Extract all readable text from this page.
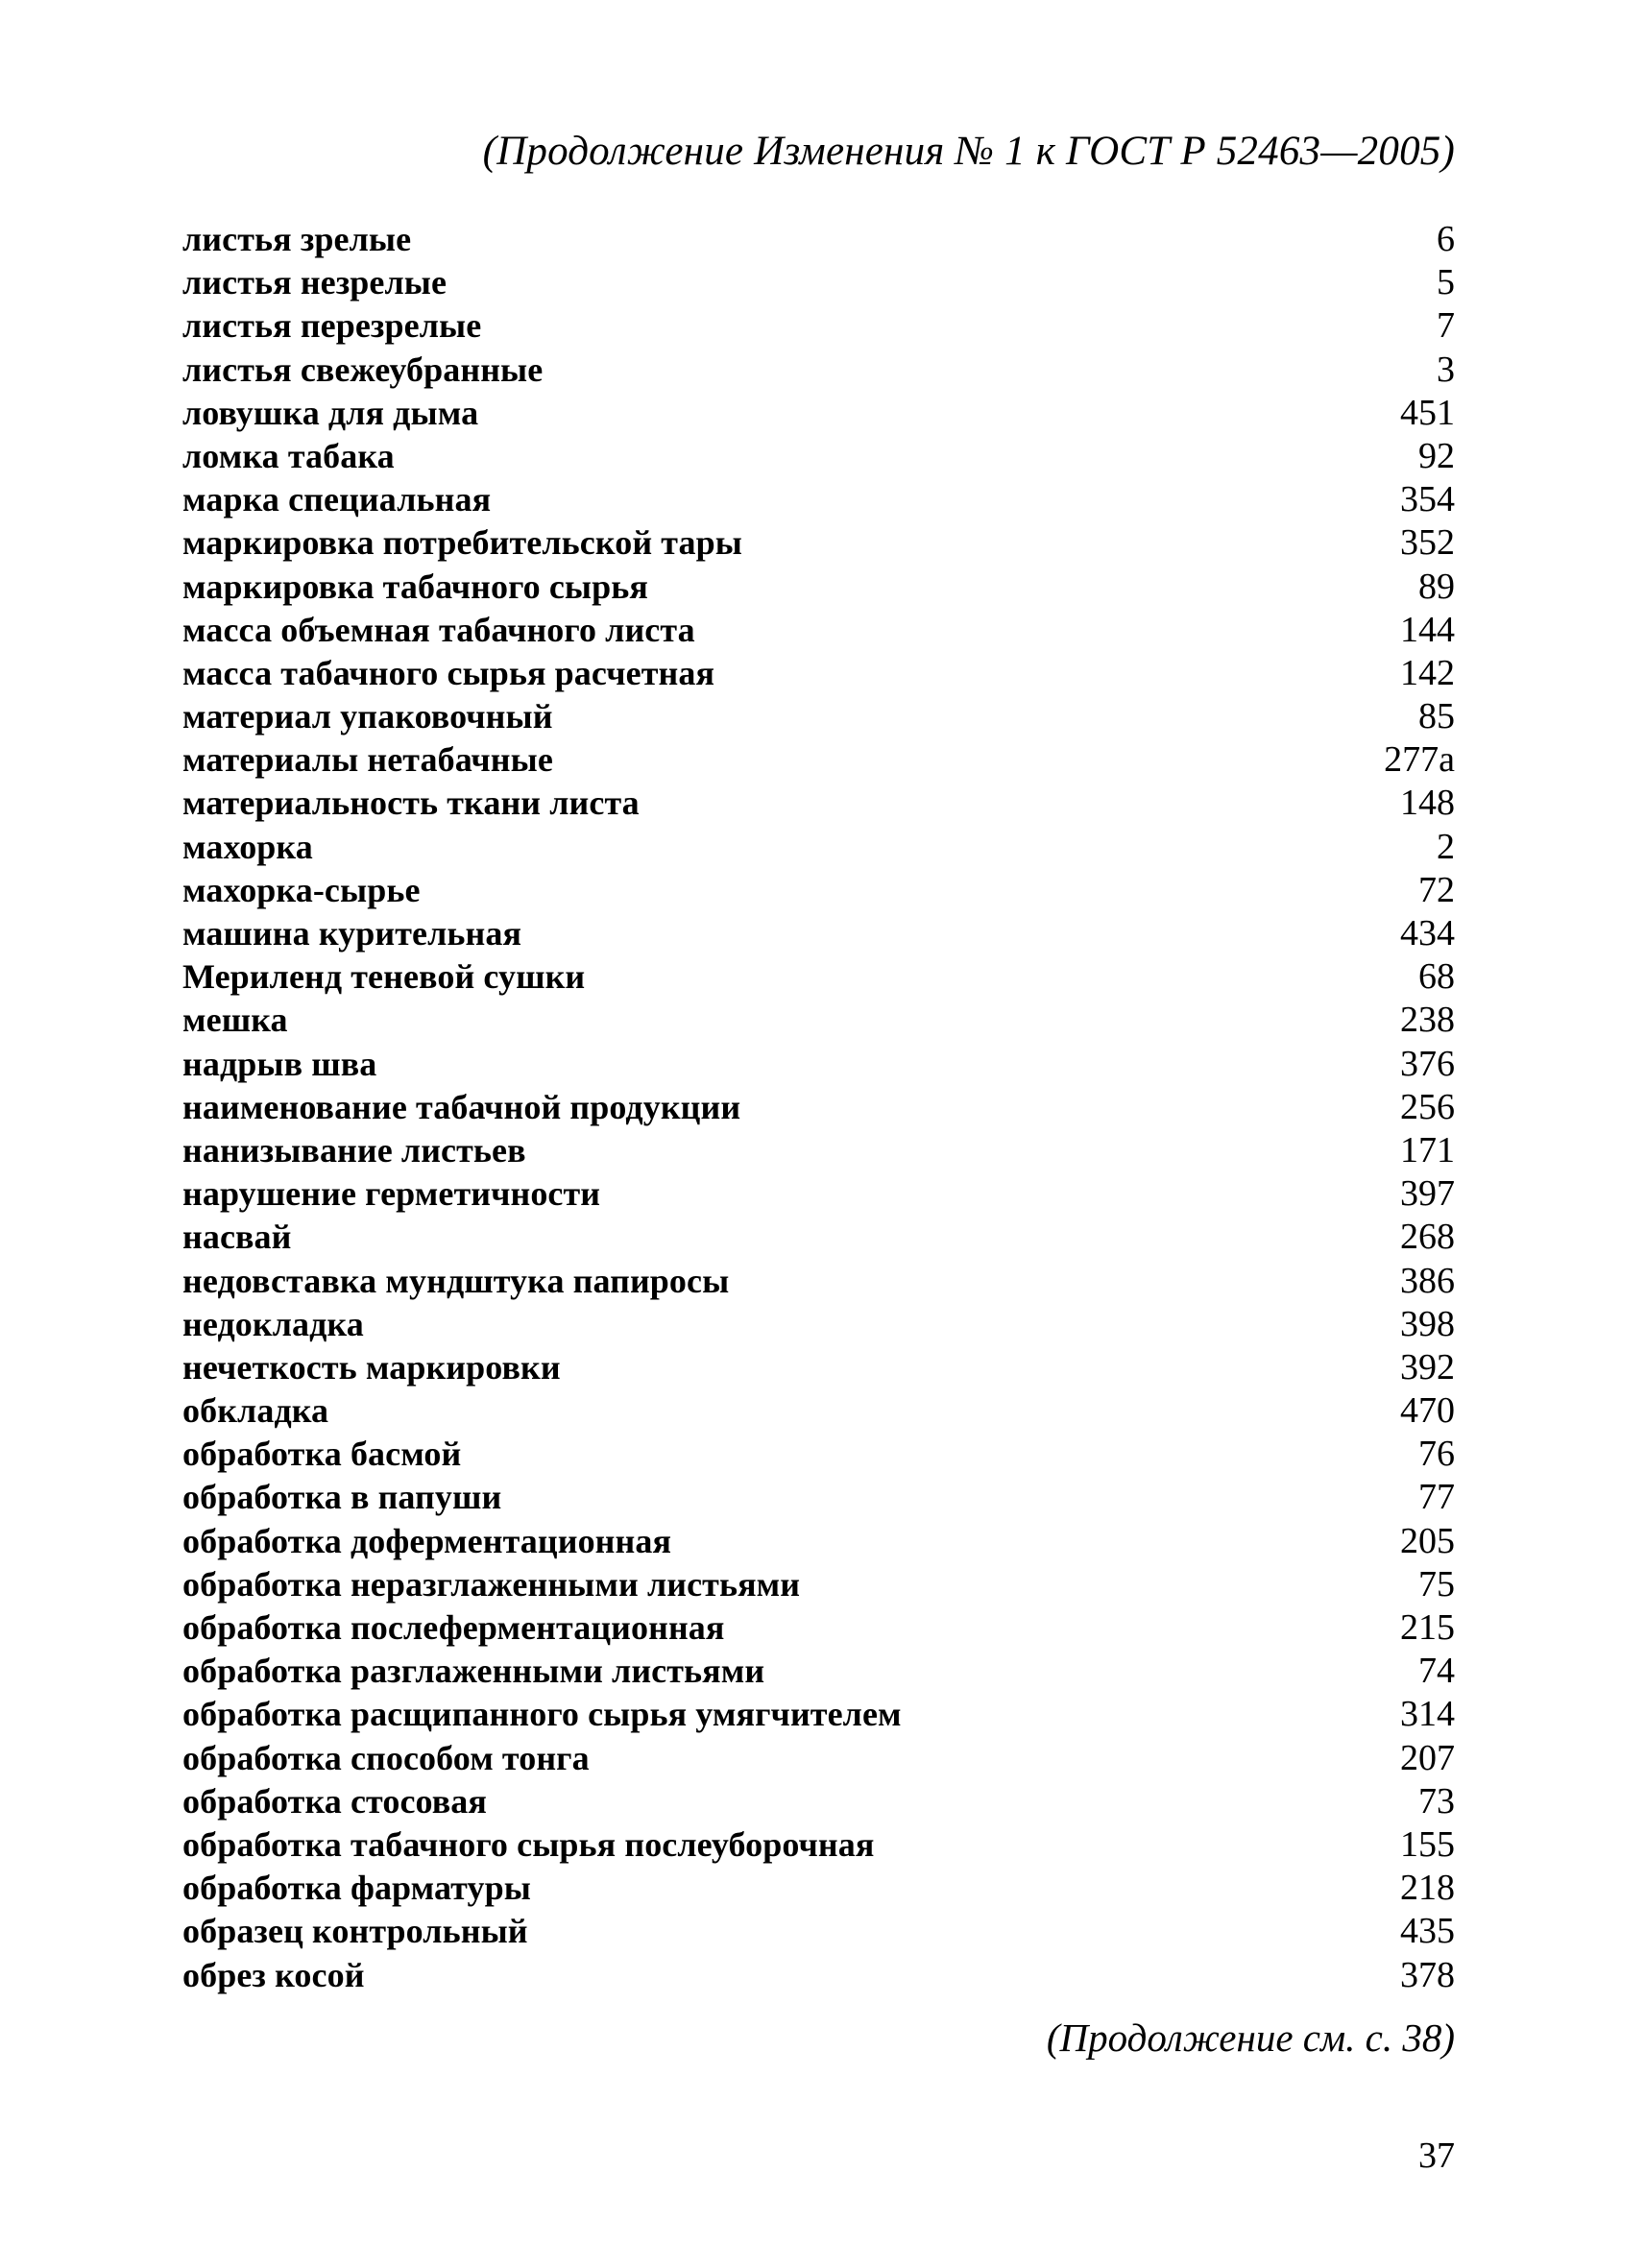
(Продолжение Изменения № 1 к ГОСТ Р 52463—2005)
листья зрелые	6
листья незрелые	5
листья перезрелые	7
листья свежеубранные	3
ловушка для дыма	451
ломка табака	92
марка специальная	354
маркировка потребительской тары	352
маркировка табачного сырья	89
масса объемная табачного листа	144
масса табачного сырья расчетная	142
материал упаковочный	85
материалы нетабачные	277а
материальность ткани листа	148
махорка	2
махорка-сырье	72
машина курительная	434
Мериленд теневой сушки	68
мешка	238
надрыв шва	376
наименование табачной продукции	256
нанизывание листьев	171
нарушение герметичности	397
насвай	268
недовставка мундштука папиросы	386
недокладка	398
нечеткость маркировки	392
обкладка	470
обработка басмой	76
обработка в папуши	77
обработка доферментационная	205
обработка неразглаженными листьями	75
обработка послеферментационная	215
обработка разглаженными листьями	74
обработка расщипанного сырья умягчителем	314
обработка способом тонга	207
обработка стосовая	73
обработка табачного сырья послеуборочная	155
обработка фарматуры	218
образец контрольный	435
обрез косой	378
(Продолжение см. с. 38)
37
